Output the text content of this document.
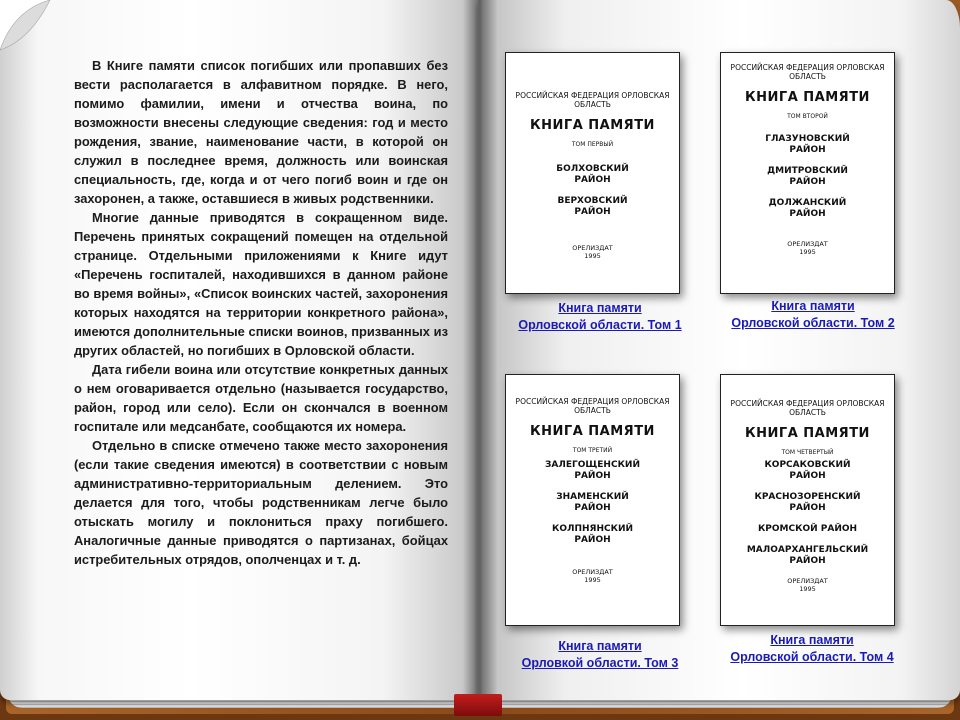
В Книге памяти список погибших или пропавших без вести располагается в алфавитном порядке. В него, помимо фамилии, имени и отчества воина, по возможности внесены следующие сведения: год и место рождения, звание, наименование части, в которой он служил в последнее время, должность или воинская специальность, где, когда и от чего погиб воин и где он захоронен, а также, оставшиеся в живых родственники.

Многие данные приводятся в сокращенном виде. Перечень принятых сокращений помещен на отдельной странице. Отдельными приложениями к Книге идут «Перечень госпиталей, находившихся в данном районе во время войны», «Список воинских частей, захоронения которых находятся на территории конкретного района», имеются дополнительные списки воинов, призванных из других областей, но погибших в Орловской области.

Дата гибели воина или отсутствие конкретных данных о нем оговаривается отдельно (называется государство, район, город или село). Если он скончался в военном госпитале или медсанбате, сообщаются их номера.

Отдельно в списке отмечено также место захоронения (если такие сведения имеются) в соответствии с новым административно-территориальным делением. Это делается для того, чтобы родственникам легче было отыскать могилу и поклониться праху погибшего. Аналогичные данные приводятся о партизанах, бойцах истребительных отрядов, ополченцах и т. д.

РОССИЙСКАЯ ФЕДЕРАЦИЯ ОРЛОВСКАЯ ОБЛАСТЬ
КНИГА ПАМЯТИ
ТОМ ПЕРВЫЙ
БОЛХОВСКИЙ РАЙОН
ВЕРХОВСКИЙ РАЙОН
ОРЕЛИЗДАТ
1995
Книга памяти
Орловской области. Том 1
РОССИЙСКАЯ ФЕДЕРАЦИЯ ОРЛОВСКАЯ ОБЛАСТЬ
КНИГА ПАМЯТИ
ТОМ ВТОРОЙ
ГЛАЗУНОВСКИЙ РАЙОН
ДМИТРОВСКИЙ РАЙОН
ДОЛЖАНСКИЙ РАЙОН
ОРЕЛИЗДАТ
1995
Книга памяти
Орловской области. Том 2
РОССИЙСКАЯ ФЕДЕРАЦИЯ ОРЛОВСКАЯ ОБЛАСТЬ
КНИГА ПАМЯТИ
ТОМ ТРЕТИЙ
ЗАЛЕГОЩЕНСКИЙ РАЙОН
ЗНАМЕНСКИЙ РАЙОН
КОЛПНЯНСКИЙ РАЙОН
ОРЕЛИЗДАТ
1995
Книга памяти
Орловкой области. Том 3
РОССИЙСКАЯ ФЕДЕРАЦИЯ ОРЛОВСКАЯ ОБЛАСТЬ
КНИГА ПАМЯТИ
ТОМ ЧЕТВЕРТЫЙ
КОРСАКОВСКИЙ РАЙОН
КРАСНОЗОРЕНСКИЙ РАЙОН
КРОМСКОЙ РАЙОН
МАЛОАРХАНГЕЛЬСКИЙ РАЙОН
ОРЕЛИЗДАТ
1995
Книга памяти
Орловской области. Том 4
